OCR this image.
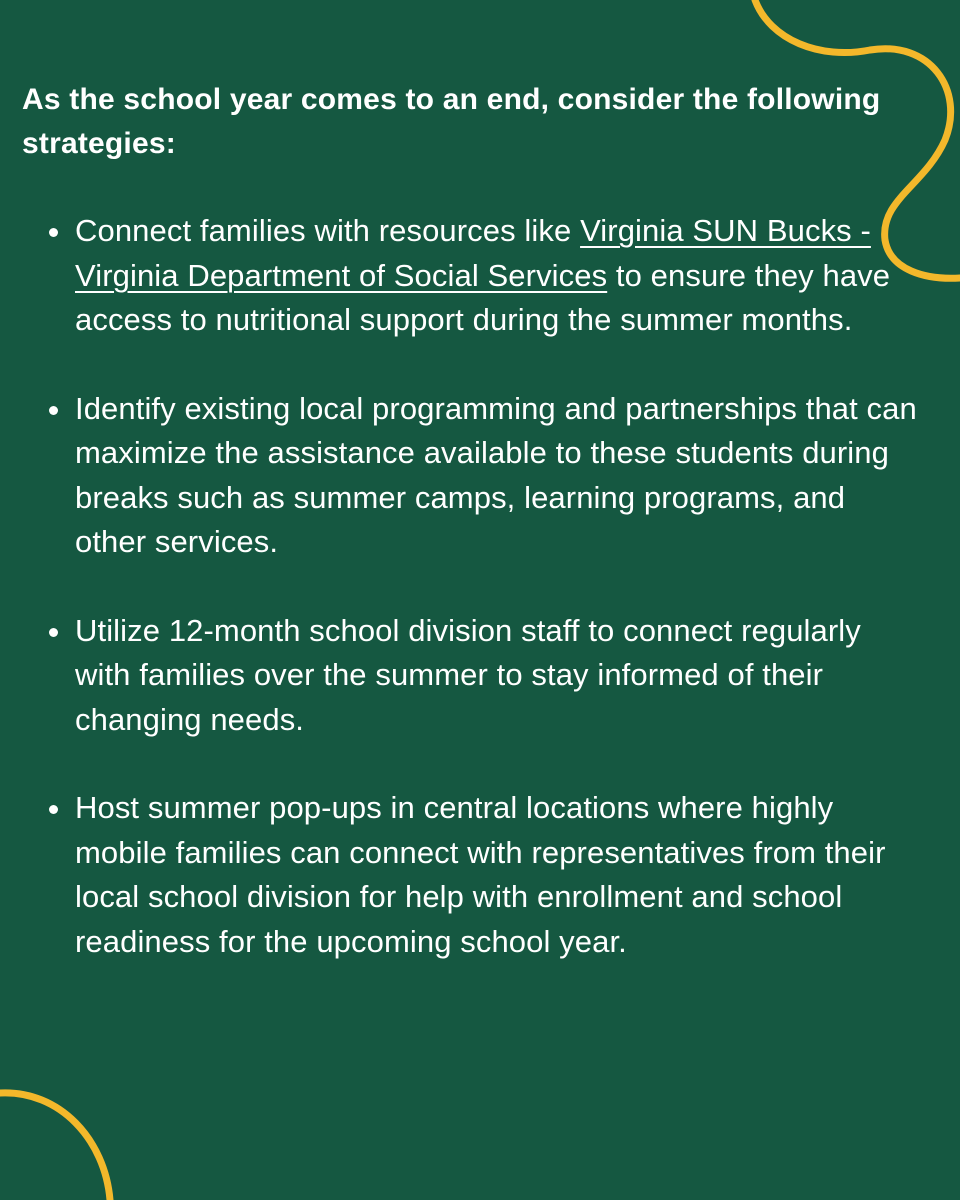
As the school year comes to an end, consider the following strategies:
Connect families with resources like Virginia SUN Bucks - Virginia Department of Social Services to ensure they have access to nutritional support during the summer months.
Identify existing local programming and partnerships that can maximize the assistance available to these students during breaks such as summer camps, learning programs, and other services.
Utilize 12-month school division staff to connect regularly with families over the summer to stay informed of their changing needs.
Host summer pop-ups in central locations where highly mobile families can connect with representatives from their local school division for help with enrollment and school readiness for the upcoming school year.
